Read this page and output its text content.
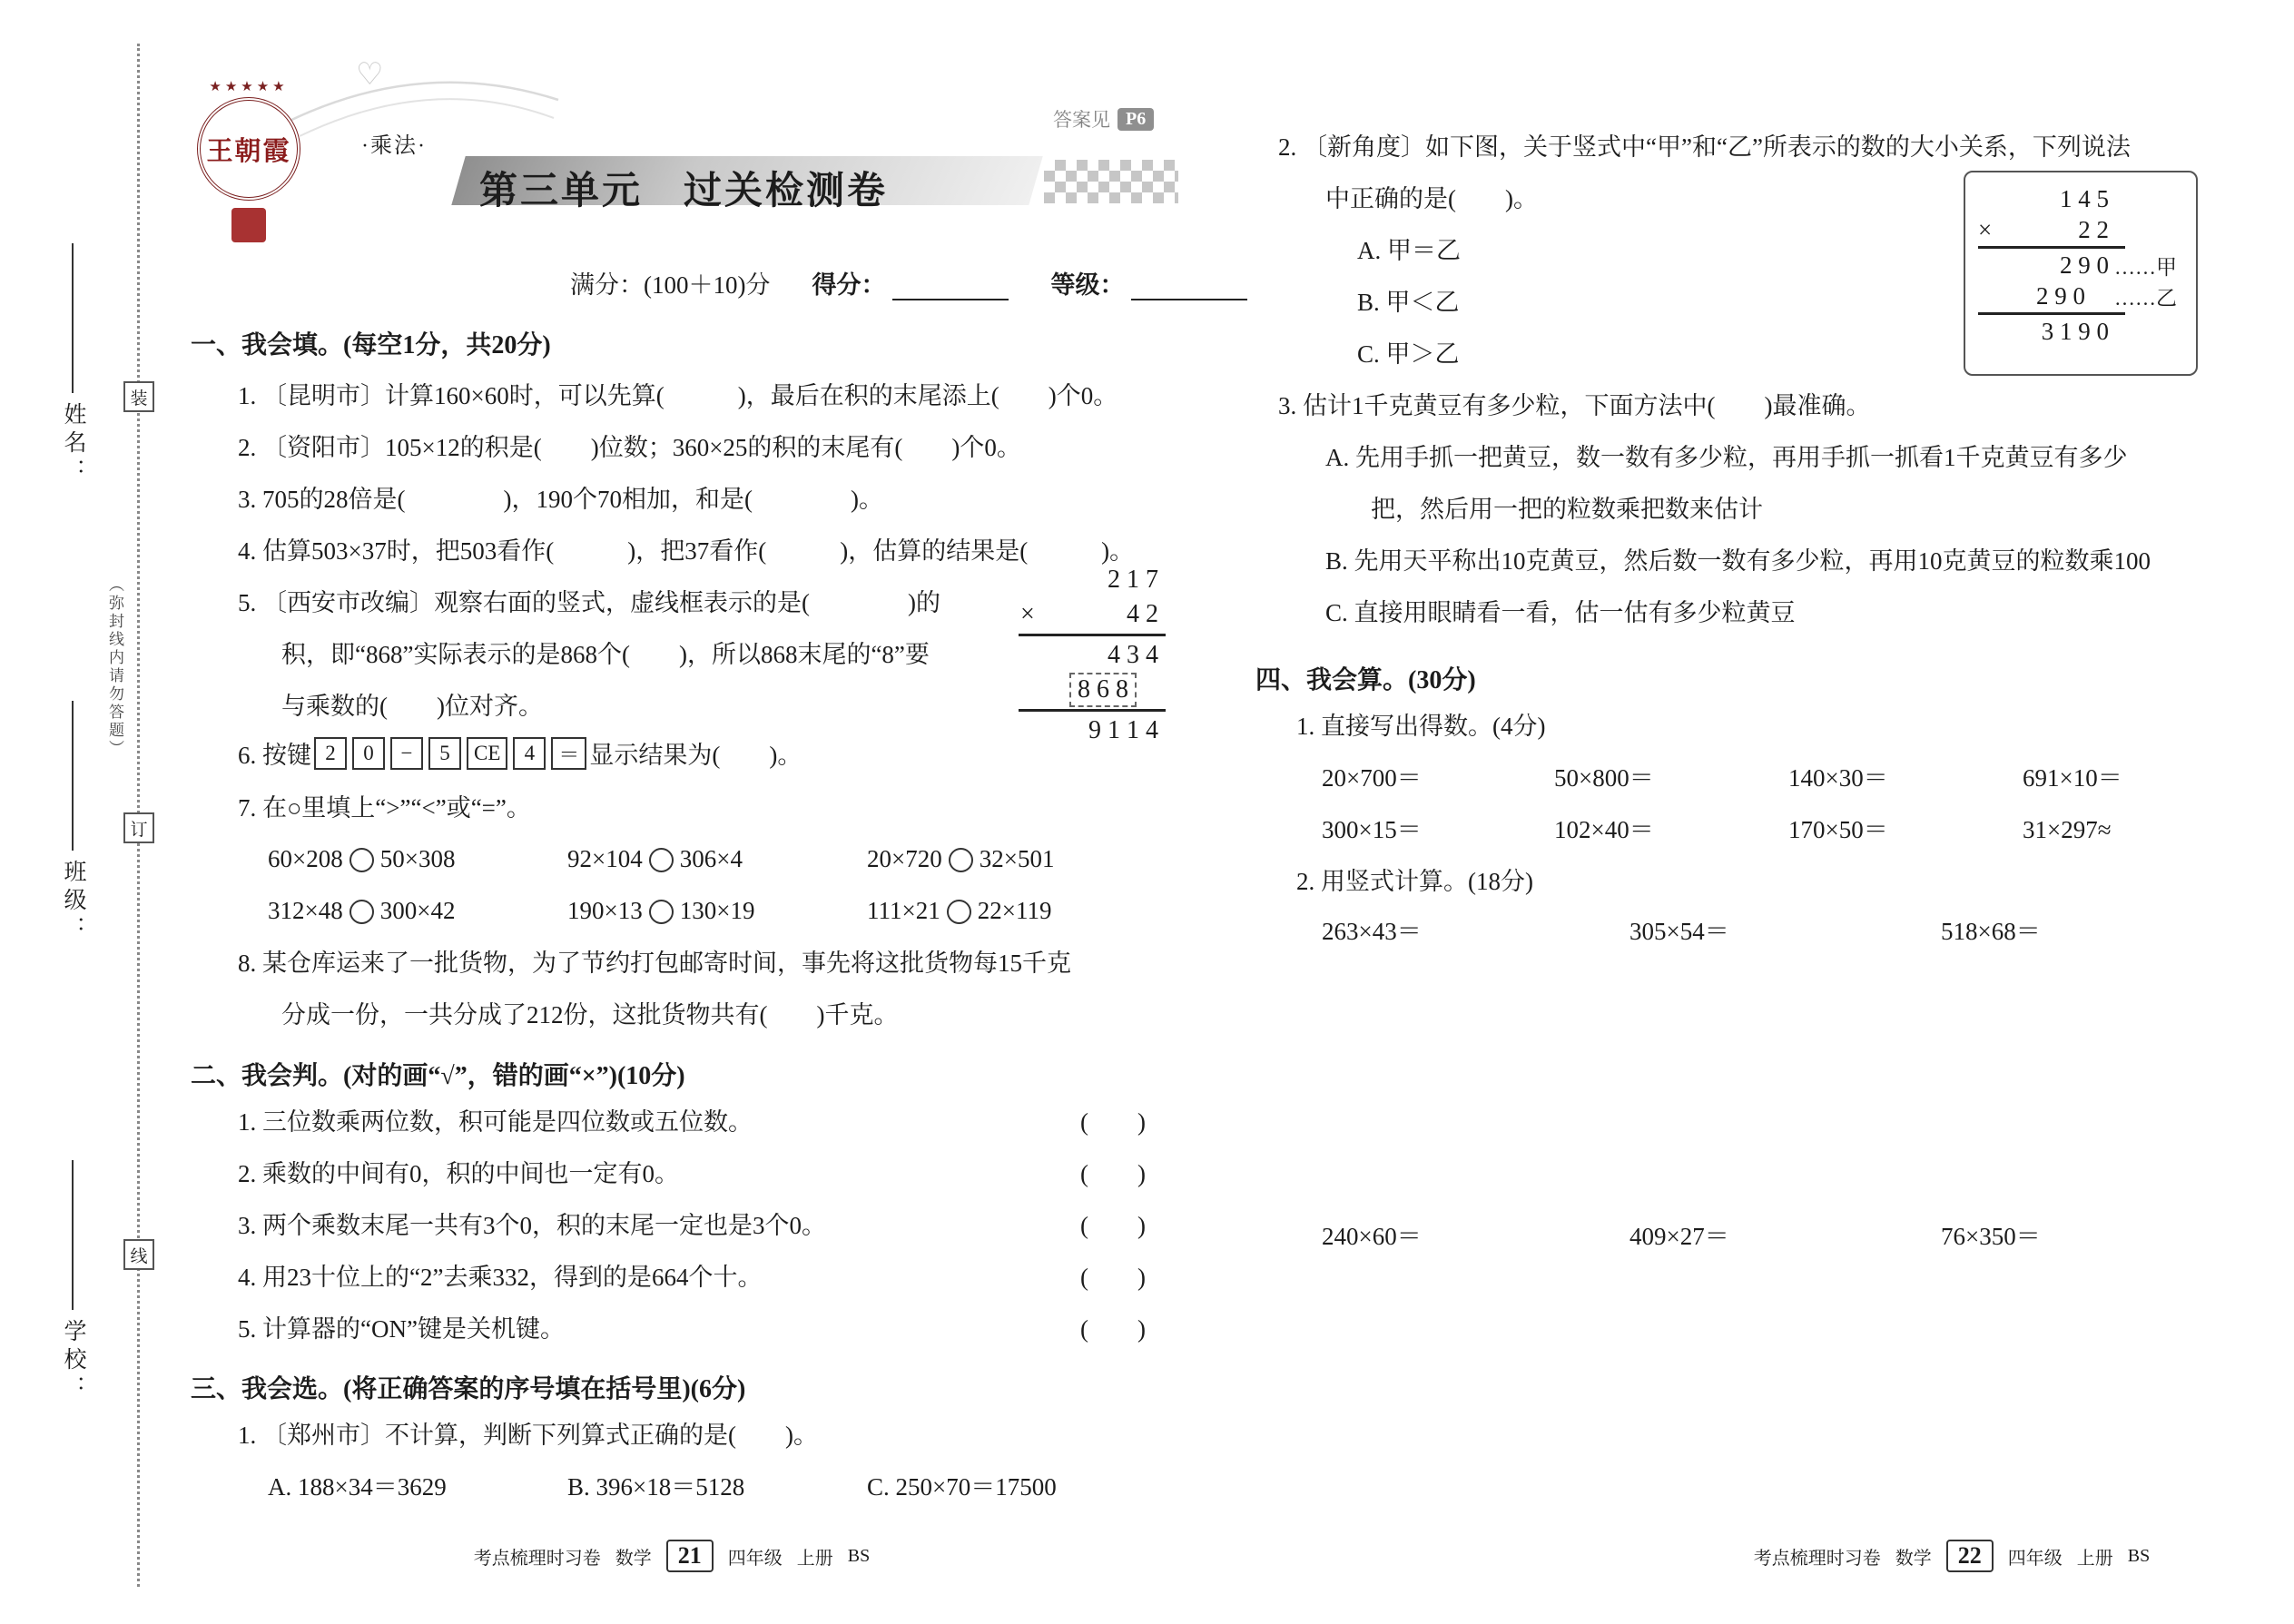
装
订
线
姓名：
班级：
学校：
（弥封线内请勿答题）
♡
★★★★★
王朝霞	·乘法·
第三单元　过关检测卷
答案见 P6
满分：(100＋10)分 得分：	等级：
一、我会填。(每空1分，共20分)
1. 〔昆明市〕计算160×60时，可以先算(　　　)，最后在积的末尾添上(　　)个0。
2. 〔资阳市〕105×12的积是(　　)位数；360×25的积的末尾有(　　)个0。
3. 705的28倍是(　　　　)，190个70相加，和是(　　　　)。
4. 估算503×37时，把503看作(　　　)，把37看作(　　　)，估算的结果是(　　　)。
5. 〔西安市改编〕观察右面的竖式，虚线框表示的是(　　　　)的
积，即“868”实际表示的是868个(　　)，所以868末尾的“8”要
与乘数的(　　)位对齐。
2 1 7
×	4 2
4 3 4
8 6 8
9 1 1 4
6. 按键 2	0	−	5	CE	4	＝ 显示结果为(　　)。
7. 在○里填上“>”“<”或“=”。
60×208 50×308	92×104 306×4	20×720 32×501
312×48 300×42	190×13 130×19	111×21 22×119
8. 某仓库运来了一批货物，为了节约打包邮寄时间，事先将这批货物每15千克
分成一份，一共分成了212份，这批货物共有(　　)千克。
二、我会判。(对的画“√”，错的画“×”)(10分)
1. 三位数乘两位数，积可能是四位数或五位数。	(　　)
2. 乘数的中间有0，积的中间也一定有0。	(　　)
3. 两个乘数末尾一共有3个0，积的末尾一定也是3个0。	(　　)
4. 用23十位上的“2”去乘332，得到的是664个十。	(　　)
5. 计算器的“ON”键是关机键。	(　　)
三、我会选。(将正确答案的序号填在括号里)(6分)
1. 〔郑州市〕不计算，判断下列算式正确的是(　　)。
A. 188×34＝3629	B. 396×18＝5128	C. 250×70＝17500
考点梳理时习卷 数学	21	四年级 上册 BS
2. 〔新角度〕如下图，关于竖式中“甲”和“乙”所表示的数的大小关系，下列说法
中正确的是(　　)。
A. 甲＝乙
B. 甲＜乙
C. 甲＞乙
1 4 5
×	2 2
2 9 0 ……甲
2 9 0	……乙
3 1 9 0
3. 估计1千克黄豆有多少粒，下面方法中(　　)最准确。
A. 先用手抓一把黄豆，数一数有多少粒，再用手抓一抓看1千克黄豆有多少
把，然后用一把的粒数乘把数来估计
B. 先用天平称出10克黄豆，然后数一数有多少粒，再用10克黄豆的粒数乘100
C. 直接用眼睛看一看，估一估有多少粒黄豆
四、我会算。(30分)
1. 直接写出得数。(4分)
20×700＝	50×800＝	140×30＝	691×10＝
300×15＝	102×40＝	170×50＝	31×297≈
2. 用竖式计算。(18分)
263×43＝	305×54＝	518×68＝
240×60＝	409×27＝	76×350＝
考点梳理时习卷 数学	22	四年级 上册 BS
